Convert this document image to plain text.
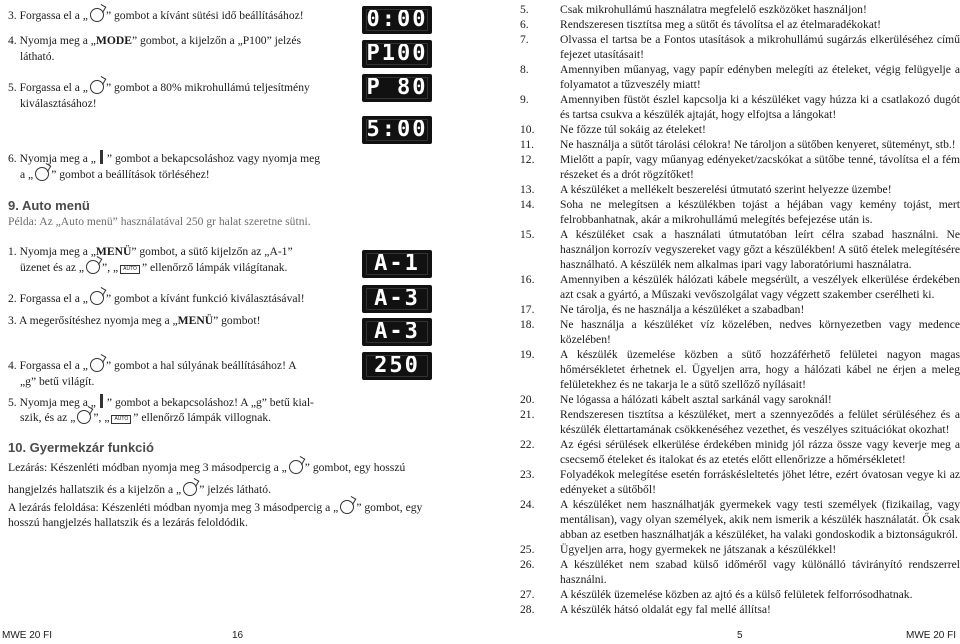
3. Forgassa el a „ ” gombot a kívánt sütési idő beállításához!
4. Nyomja meg a „MODE” gombot, a kijelzőn a „P100” jelzés
látható.
5. Forgassa el a „ ” gombot a 80% mikrohullámú teljesítmény
kiválasztásához!
6. Nyomja meg a „ ” gombot a bekapcsoláshoz vagy nyomja meg
a „ ” gombot a beállítások törléséhez!
9. Auto menü
Példa: Az „Auto menü” használatával 250 gr halat szeretne sütni.
1. Nyomja meg a „MENÜ” gombot, a sütő kijelzőn az „A-1”
üzenet és az „ ”, „ AUTO ” ellenőrző lámpák világítanak.
2. Forgassa el a „ ” gombot a kívánt funkció kiválasztásával!
3. A megerősítéshez nyomja meg a „MENÜ” gombot!
4. Forgassa el a „ ” gombot a hal súlyának beállításához! A
„g” betű világít.
5. Nyomja meg a „ ” gombot a bekapcsoláshoz! A „g” betű kial-
szik, és az „ ”, „ AUTO ” ellenőrző lámpák villognak.
10. Gyermekzár funkció
Lezárás: Készenléti módban nyomja meg 3 másodpercig a „ ” gombot, egy hosszú
hangjelzés hallatszik és a kijelzőn a „ ” jelzés látható.
A lezárás feloldása: Készenléti módban nyomja meg 3 másodpercig a „ ” gombot, egy
hosszú hangjelzés hallatszik és a lezárás feloldódik.
0:00
P100
P 80
5:00
A-1
A-3
A-3
250
5.	Csak mikrohullámú használatra megfelelő eszközöket használjon!
6.	Rendszeresen tisztítsa meg a sütőt és távolítsa el az ételmaradékokat!
7.	Olvassa el tartsa be a Fontos utasítások a mikrohullámú sugárzás elkerüléséhez című fejezet utasításait!
8.	Amennyiben műanyag, vagy papír edényben melegíti az ételeket, végig felügyelje a folyamatot a tűzveszély miatt!
9.	Amennyiben füstöt észlel kapcsolja ki a készüléket vagy húzza ki a csatlakozó dugót és tartsa csukva a készülék ajtaját, hogy elfojtsa a lángokat!
10.	Ne főzze túl sokáig az ételeket!
11.	Ne használja a sütőt tárolási célokra! Ne tároljon a sütőben kenyeret, süteményt, stb.!
12.	Mielőtt a papír, vagy műanyag edényeket/zacskókat a sütőbe tenné, távolítsa el a fém részeket és a drót rögzítőket!
13.	A készüléket a mellékelt beszerelési útmutató szerint helyezze üzembe!
14.	Soha ne melegítsen a készülékben tojást a héjában vagy kemény tojást, mert felrobbanhatnak, akár a mikrohullámú melegítés befejezése után is.
15.	A készüléket csak a használati útmutatóban leírt célra szabad használni. Ne használjon korrozív vegyszereket vagy gőzt a készülékben! A sütő ételek melegítésére használható. A készülék nem alkalmas ipari vagy laboratóriumi használatra.
16.	Amennyiben a készülék hálózati kábele megsérült, a veszélyek elkerülése érdekében azt csak a gyártó, a Műszaki vevőszolgálat vagy végzett szakember cserélheti ki.
17.	Ne tárolja, és ne használja a készüléket a szabadban!
18.	Ne használja a készüléket víz közelében, nedves környezetben vagy medence közelében!
19.	A készülék üzemelése közben a sütő hozzáférhető felületei nagyon magas hőmérsékletet érhetnek el. Ügyeljen arra, hogy a hálózati kábel ne érjen a meleg felületekhez és ne takarja le a sütő szellőző nyílásait!
20.	Ne lógassa a hálózati kábelt asztal sarkánál vagy saroknál!
21.	Rendszeresen tisztítsa a készüléket, mert a szennyeződés a felület sérüléséhez és a készülék élettartamának csökkenéséhez vezethet, és veszélyes szituációkat okozhat!
22.	Az égési sérülések elkerülése érdekében minidg jól rázza össze vagy keverje meg a csecsemő ételeket és italokat és az etetés előtt ellenőrizze a hőmérsékletet!
23.	Folyadékok melegítése esetén forráskésleltetés jöhet létre, ezért óvatosan vegye ki az edényeket a sütőből!
24.	A készüléket nem használhatják gyermekek vagy testi személyek (fizikailag, vagy mentálisan), vagy olyan személyek, akik nem ismerik a készülék használatát. Ők csak abban az esetben használhatják a készüléket, ha valaki gondoskodik a biztonságukról.
25.	Ügyeljen arra, hogy gyermekek ne játszanak a készülékkel!
26.	A készüléket nem szabad külső időméről vagy különálló távirányító rendszerrel használni.
27.	A készülék üzemelése közben az ajtó és a külső felületek felforrósodhatnak.
28.	A készülék hátsó oldalát egy fal mellé állítsa!
MWE 20 FI	16	5	MWE 20 FI
